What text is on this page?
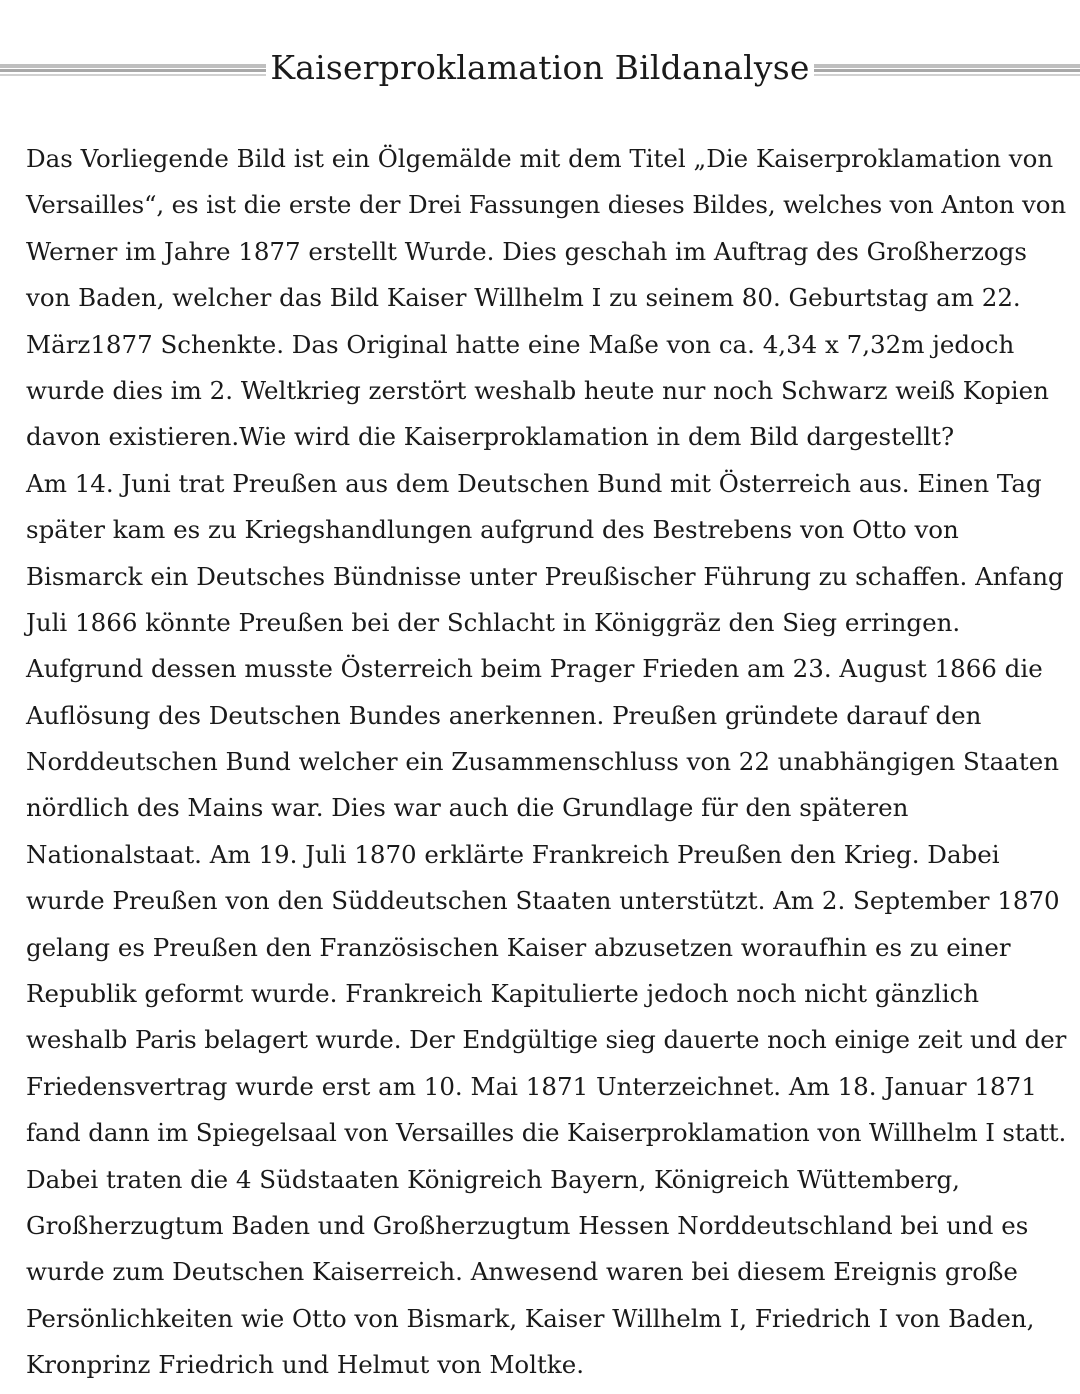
Kaiserproklamation Bildanalyse
Das Vorliegende Bild ist ein Ölgemälde mit dem Titel „Die Kaiserproklamation von
Versailles“, es ist die erste der Drei Fassungen dieses Bildes, welches von Anton von
Werner im Jahre 1877 erstellt Wurde. Dies geschah im Auftrag des Großherzogs
von Baden, welcher das Bild Kaiser Willhelm I zu seinem 80. Geburtstag am 22.
März1877 Schenkte. Das Original hatte eine Maße von ca. 4,34 x 7,32m jedoch
wurde dies im 2. Weltkrieg zerstört weshalb heute nur noch Schwarz weiß Kopien
davon existieren.Wie wird die Kaiserproklamation in dem Bild dargestellt?
Am 14. Juni trat Preußen aus dem Deutschen Bund mit Österreich aus. Einen Tag
später kam es zu Kriegshandlungen aufgrund des Bestrebens von Otto von
Bismarck ein Deutsches Bündnisse unter Preußischer Führung zu schaffen. Anfang
Juli 1866 könnte Preußen bei der Schlacht in Königgräz den Sieg erringen.
Aufgrund dessen musste Österreich beim Prager Frieden am 23. August 1866 die
Auflösung des Deutschen Bundes anerkennen. Preußen gründete darauf den
Norddeutschen Bund welcher ein Zusammenschluss von 22 unabhängigen Staaten
nördlich des Mains war. Dies war auch die Grundlage für den späteren
Nationalstaat. Am 19. Juli 1870 erklärte Frankreich Preußen den Krieg. Dabei
wurde Preußen von den Süddeutschen Staaten unterstützt. Am 2. September 1870
gelang es Preußen den Französischen Kaiser abzusetzen woraufhin es zu einer
Republik geformt wurde. Frankreich Kapitulierte jedoch noch nicht gänzlich
weshalb Paris belagert wurde. Der Endgültige sieg dauerte noch einige zeit und der
Friedensvertrag wurde erst am 10. Mai 1871 Unterzeichnet. Am 18. Januar 1871
fand dann im Spiegelsaal von Versailles die Kaiserproklamation von Willhelm I statt.
Dabei traten die 4 Südstaaten Königreich Bayern, Königreich Wüttemberg,
Großherzugtum Baden und Großherzugtum Hessen Norddeutschland bei und es
wurde zum Deutschen Kaiserreich. Anwesend waren bei diesem Ereignis große
Persönlichkeiten wie Otto von Bismark, Kaiser Willhelm I, Friedrich I von Baden,
Kronprinz Friedrich und Helmut von Moltke.
